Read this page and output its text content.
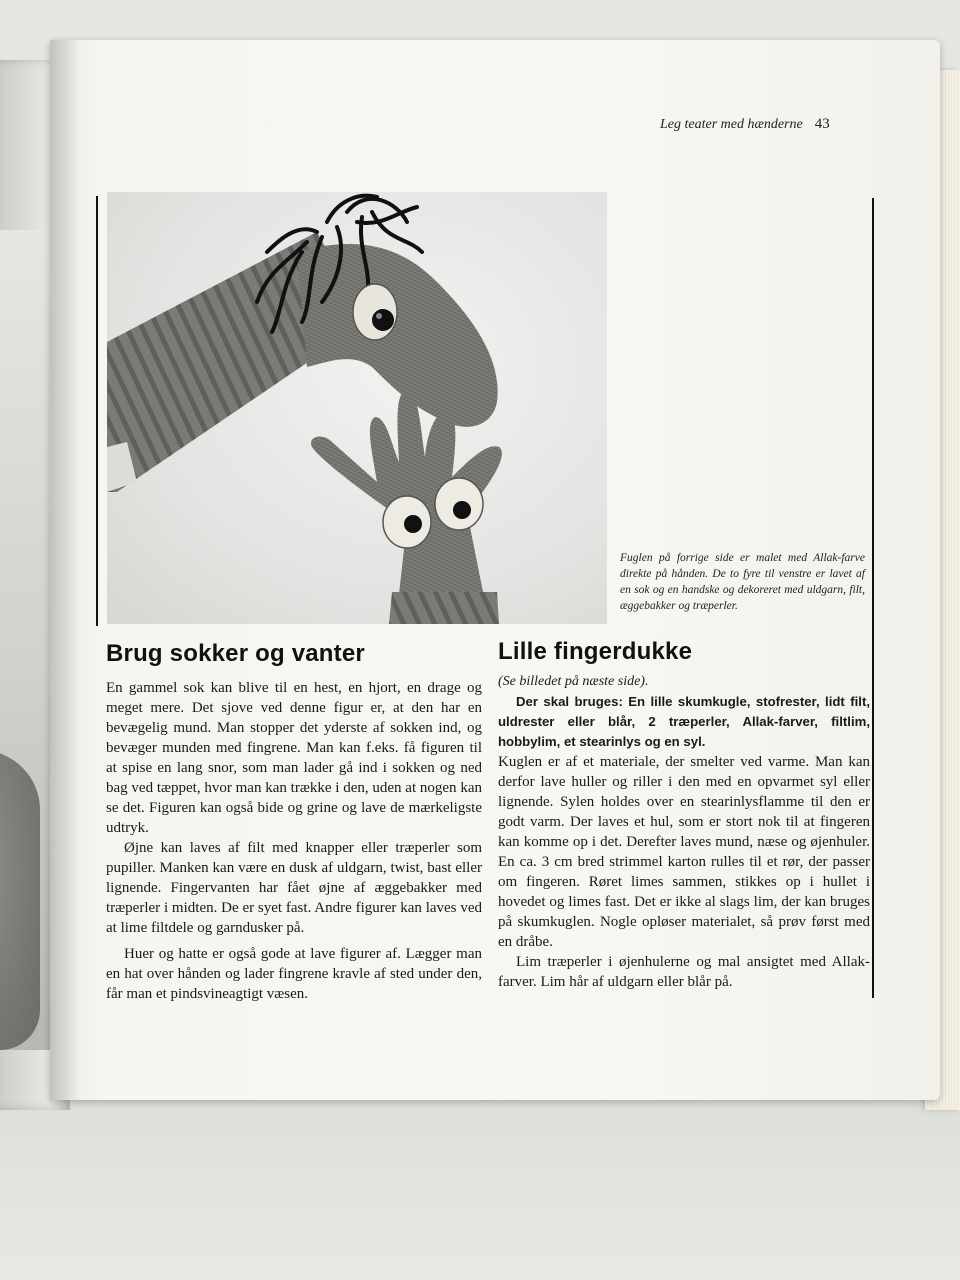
Leg teater med hænderne 43
Fuglen på forrige side er malet med Allak-farve direkte på hånden. De to fyre til venstre er lavet af en sok og en handske og dekoreret med uldgarn, filt, æggebakker og træperler.
Brug sokker og vanter

En gammel sok kan blive til en hest, en hjort, en drage og meget mere. Det sjove ved denne figur er, at den har en bevægelig mund. Man stopper det yderste af sokken ind, og bevæger munden med fingrene. Man kan f.eks. få figuren til at spise en lang snor, som man lader gå ind i sokken og ned bag ved tæppet, hvor man kan trække i den, uden at nogen kan se det. Figuren kan også bide og grine og lave de mærkeligste udtryk.

Øjne kan laves af filt med knapper eller træperler som pupiller. Manken kan være en dusk af uldgarn, twist, bast eller lignende. Fingervanten har fået øjne af æggebakker med træperler i midten. De er syet fast. Andre figurer kan laves ved at lime filtdele og garndusker på.

Huer og hatte er også gode at lave figurer af. Lægger man en hat over hånden og lader fingrene kravle af sted under den, får man et pindsvineagtigt væsen.

Lille fingerdukke

(Se billedet på næste side).

Der skal bruges: En lille skumkugle, stofrester, lidt filt, uldrester eller blår, 2 træperler, Allak-farver, filtlim, hobbylim, et stearinlys og en syl.

Kuglen er af et materiale, der smelter ved varme. Man kan derfor lave huller og riller i den med en opvarmet syl eller lignende. Sylen holdes over en stearinlysflamme til den er godt varm. Der laves et hul, som er stort nok til at fingeren kan komme op i det. Derefter laves mund, næse og øjenhuler. En ca. 3 cm bred strimmel karton rulles til et rør, der passer om fingeren. Røret limes sammen, stikkes op i hullet i hovedet og limes fast. Det er ikke al slags lim, der kan bruges på skumkuglen. Nogle opløser materialet, så prøv først med en dråbe.

Lim træperler i øjenhulerne og mal ansigtet med Allak-farver. Lim hår af uldgarn eller blår på.
